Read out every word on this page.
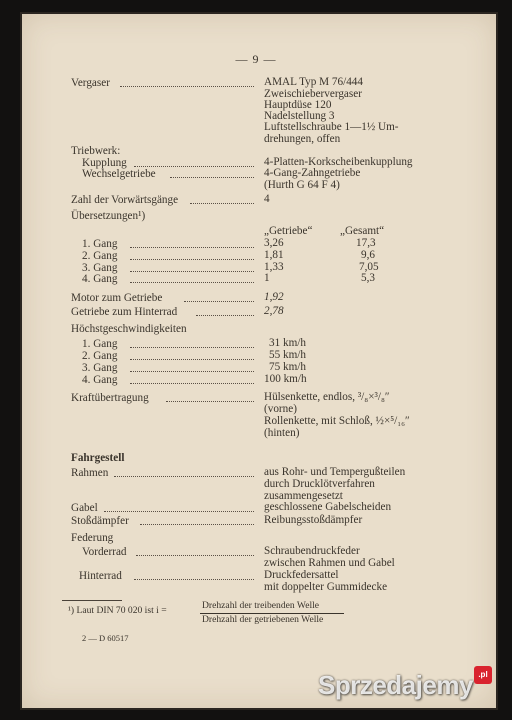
— 9 —
Vergaser	AMAL Typ M 76/444
Zweischiebervergaser
Hauptdüse 120
Nadelstellung 3
Luftstellschraube 1—1½ Um-
drehungen, offen
Triebwerk:
Kupplung	4-Platten-Korkscheibenkupplung
Wechselgetriebe	4-Gang-Zahngetriebe
(Hurth G 64 F 4)
Zahl der Vorwärtsgänge	4
Übersetzungen¹)
„Getriebe“ „Gesamt“
1. Gang	3,26	17,3
2. Gang	1,81	9,6
3. Gang	1,33	7,05
4. Gang	1	5,3
Motor zum Getriebe	1,92
Getriebe zum Hinterrad	2,78
Höchstgeschwindigkeiten
1. Gang	31 km/h
2. Gang	55 km/h
3. Gang	75 km/h
4. Gang	100 km/h
Kraftübertragung	Hülsenkette, endlos, ³/₈×³/₈″
(vorne)
Rollenkette, mit Schloß, ½×⁵/₁₆″
(hinten)
Fahrgestell
Rahmen	aus Rohr- und Tempergußteilen
durch Drucklötverfahren
zusammengesetzt
Gabel	geschlossene Gabelscheiden
Stoßdämpfer	Reibungsstoßdämpfer
Federung
Vorderrad	Schraubendruckfeder
zwischen Rahmen und Gabel
Hinterrad	Druckfedersattel
mit doppelter Gummidecke
¹) Laut DIN 70 020 ist i =	Drehzahl der treibenden Welle
Drehzahl der getriebenen Welle
2 — D 60517
Sprzedajemy .pl
